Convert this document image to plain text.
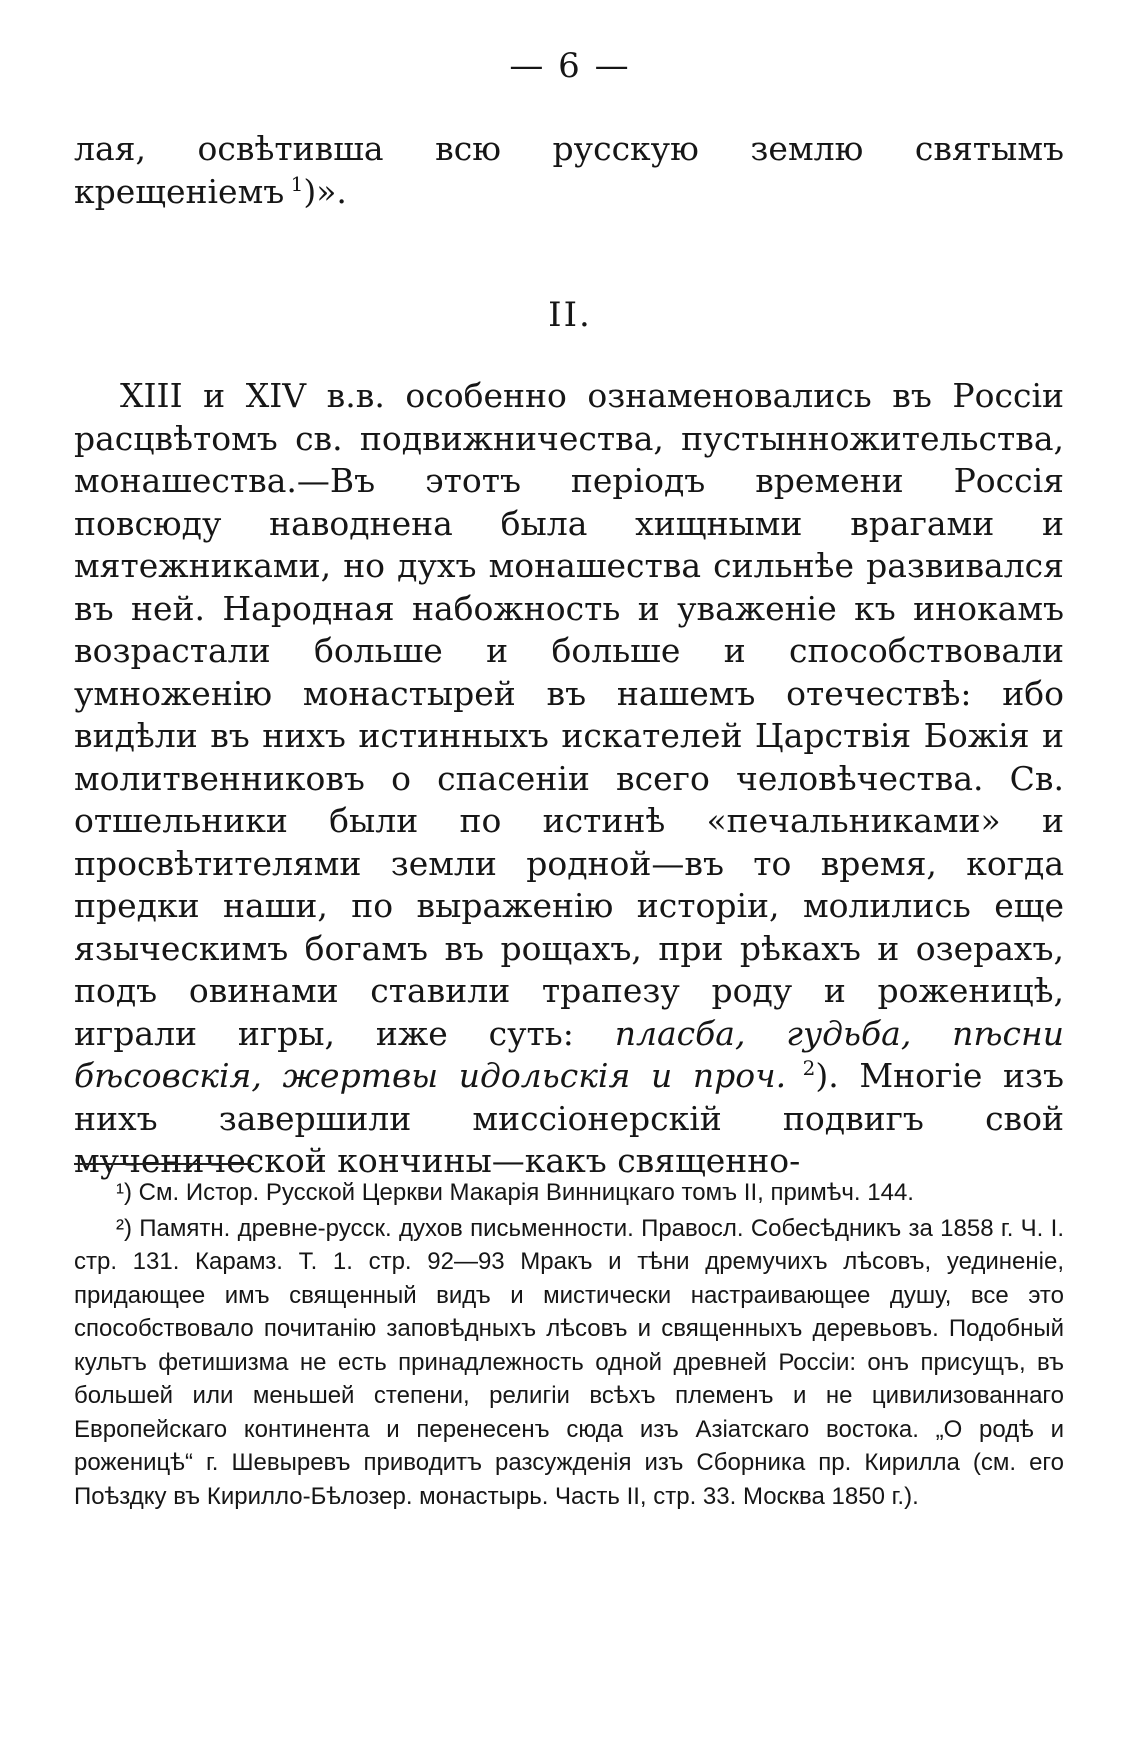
— 6 —
лая, освѣтивша всю русскую землю святымъ крещеніемъ $^1$)».
II.
XIII и XIV в.в. особенно ознаменовались въ Россіи расцвѣтомъ св. подвижничества, пустынножительства, монашества.—Въ этотъ періодъ времени Россія повсюду наводнена была хищными врагами и мятежниками, но духъ монашества сильнѣе развивался въ ней. Народная набожность и уваженіе къ инокамъ возрастали больше и больше и способствовали умноженію монастырей въ нашемъ отечествѣ: ибо видѣли въ нихъ истинныхъ искателей Царствія Божія и молитвенниковъ о спасеніи всего человѣчества. Св. отшельники были по истинѣ «печальниками» и просвѣтителями земли родной—въ то время, когда предки наши, по выраженію исторіи, молились еще языческимъ богамъ въ рощахъ, при рѣкахъ и озерахъ, подъ овинами ставили трапезу роду и роженицѣ, играли игры, иже суть: пласба, гудьба, пѣсни бѣсовскія, жертвы идольскія и проч. $^2$). Многіе изъ нихъ завершили миссіонерскій подвигъ свой мученической кончины—какъ священно-

¹) См. Истор. Русской Церкви Макарія Винницкаго томъ II, примѣч. 144.

²) Памятн. древне-русск. духов письменности. Правосл. Собесѣдникъ за 1858 г. Ч. I. стр. 131. Карамз. Т. 1. стр. 92—93 Мракъ и тѣни дремучихъ лѣсовъ, уединеніе, придающее имъ священный видъ и мистически настраивающее душу, все это способствовало почитанію заповѣдныхъ лѣсовъ и священныхъ деревьовъ. Подобный культъ фетишизма не есть принадлежность одной древней Россіи: онъ присущъ, въ большей или меньшей степени, религіи всѣхъ племенъ и не цивилизованнаго Европейскаго континента и перенесенъ сюда изъ Азіатскаго востока. „О родѣ и роженицѣ“ г. Шевыревъ приводитъ разсужденія изъ Сборника пр. Кирилла (см. его Поѣздку въ Кирилло-Бѣлозер. монастырь. Часть II, стр. 33. Москва 1850 г.).
